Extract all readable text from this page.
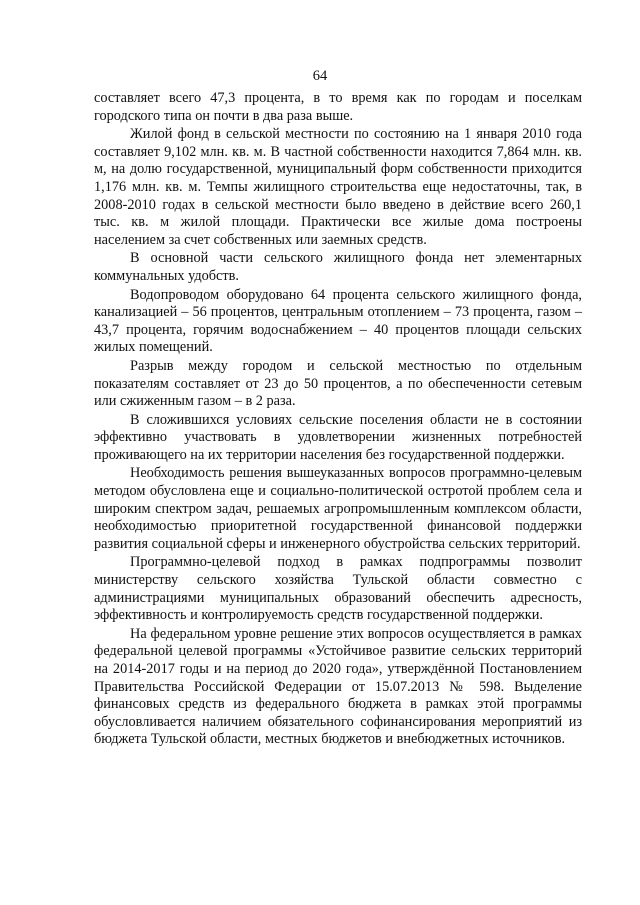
64

составляет всего 47,3 процента, в то время как по городам и поселкам городского типа он почти в два раза выше.

Жилой фонд в сельской местности по состоянию на 1 января 2010 года составляет 9,102 млн. кв. м. В частной собственности находится 7,864 млн. кв. м, на долю государственной, муниципальный форм собственности приходится 1,176 млн. кв. м. Темпы жилищного строительства еще недостаточны, так, в 2008-2010 годах в сельской местности было введено в действие всего 260,1 тыс. кв. м жилой площади. Практически все жилые дома построены населением за счет собственных или заемных средств.

В основной части сельского жилищного фонда нет элементарных коммунальных удобств.

Водопроводом оборудовано 64 процента сельского жилищного фонда, канализацией – 56 процентов, центральным отоплением – 73 процента, газом – 43,7 процента, горячим водоснабжением – 40 процентов площади сельских жилых помещений.

Разрыв между городом и сельской местностью по отдельным показателям составляет от 23 до 50 процентов, а по обеспеченности сетевым или сжиженным газом – в 2 раза.

В сложившихся условиях сельские поселения области не в состоянии эффективно участвовать в удовлетворении жизненных потребностей проживающего на их территории населения без государственной поддержки.

Необходимость решения вышеуказанных вопросов программно-целевым методом обусловлена еще и социально-политической остротой проблем села и широким спектром задач, решаемых агропромышленным комплексом области, необходимостью приоритетной государственной финансовой поддержки развития социальной сферы и инженерного обустройства сельских территорий.

Программно-целевой подход в рамках подпрограммы позволит министерству сельского хозяйства Тульской области совместно с администрациями муниципальных образований обеспечить адресность, эффективность и контролируемость средств государственной поддержки.

На федеральном уровне решение этих вопросов осуществляется в рамках федеральной целевой программы «Устойчивое развитие сельских территорий на 2014-2017 годы и на период до 2020 года», утверждённой Постановлением Правительства Российской Федерации от 15.07.2013 № 598. Выделение финансовых средств из федерального бюджета в рамках этой программы обусловливается наличием обязательного софинансирования мероприятий из бюджета Тульской области, местных бюджетов и внебюджетных источников.
